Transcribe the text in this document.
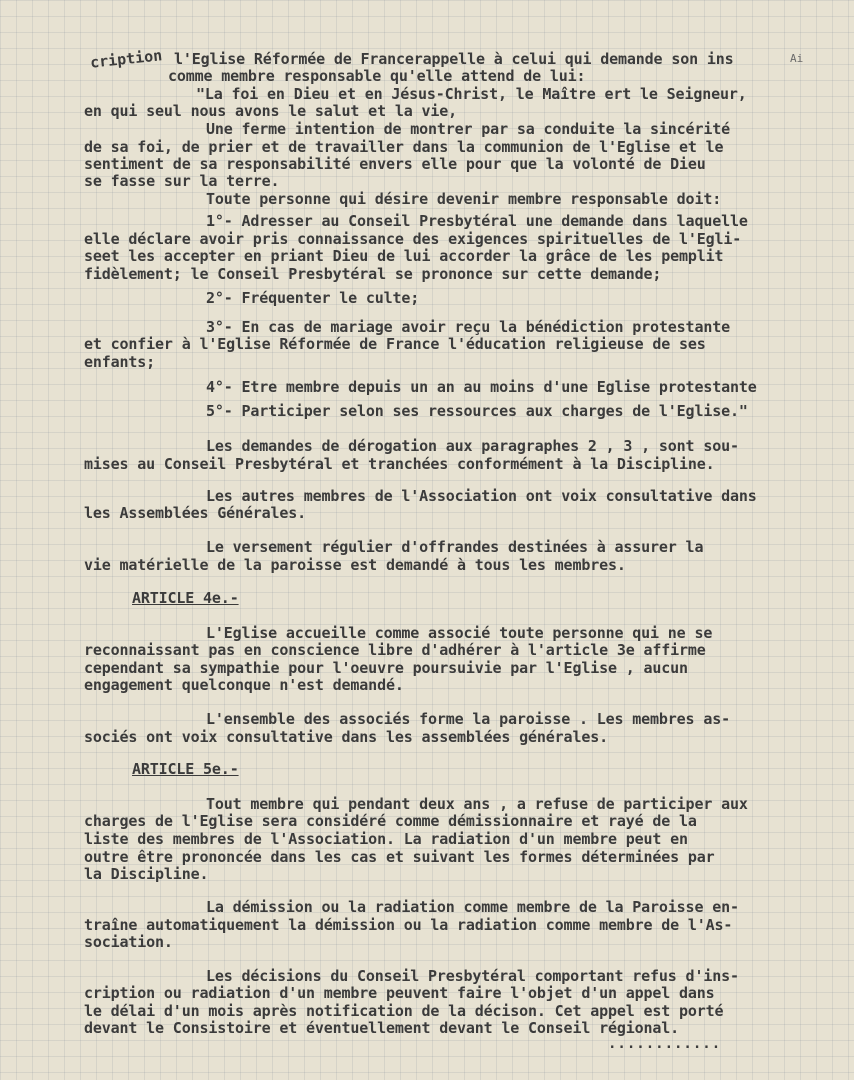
cription	Ai
l'Eglise Réformée de Francerappelle à celui qui demande son ins
comme membre responsable qu'elle attend de lui:
"La foi en Dieu et en Jésus-Christ, le Maître ert le Seigneur,
en qui seul nous avons le salut et la vie,
Une ferme intention de montrer par sa conduite la sincérité
de sa foi, de prier et de travailler dans la communion de l'Eglise et le
sentiment de sa responsabilité envers elle pour que la volonté de Dieu
se fasse sur la terre.
Toute personne qui désire devenir membre responsable doit:
1°- Adresser au Conseil Presbytéral une demande dans laquelle
elle déclare avoir pris connaissance des exigences spirituelles de l'Egli-
seet les accepter en priant Dieu de lui accorder la grâce de les pemplit
fidèlement; le Conseil Presbytéral se prononce sur cette demande;
2°- Fréquenter le culte;
3°- En cas de mariage avoir reçu la bénédiction protestante
et confier à l'Eglise Réformée de France l'éducation religieuse de ses
enfants;
4°- Etre membre depuis un an au moins d'une Eglise protestante
5°- Participer selon ses ressources aux charges de l'Eglise."
Les demandes de dérogation aux paragraphes 2 , 3 , sont sou-
mises au Conseil Presbytéral et tranchées conformément à la Discipline.
Les autres membres de l'Association ont voix consultative dans
les Assemblées Générales.
Le versement régulier d'offrandes destinées à assurer la
vie matérielle de la paroisse est demandé à tous les membres.
ARTICLE 4e.-
L'Eglise accueille comme associé toute personne qui ne se
reconnaissant pas en conscience libre d'adhérer à l'article 3e affirme
cependant sa sympathie pour l'oeuvre poursuivie par l'Eglise , aucun
engagement quelconque n'est demandé.
L'ensemble des associés forme la paroisse . Les membres as-
sociés ont voix consultative dans les assemblées générales.
ARTICLE 5e.-
Tout membre qui pendant deux ans , a refuse de participer aux
charges de l'Eglise sera considéré comme démissionnaire et rayé de la
liste des membres de l'Association. La radiation d'un membre peut en
outre être prononcée dans les cas et suivant les formes déterminées par
la Discipline.
La démission ou la radiation comme membre de la Paroisse en-
traîne automatiquement la démission ou la radiation comme membre de l'As-
sociation.
Les décisions du Conseil Presbytéral comportant refus d'ins-
cription ou radiation d'un membre peuvent faire l'objet d'un appel dans
le délai d'un mois après notification de la décison. Cet appel est porté
devant le Consistoire et éventuellement devant le Conseil régional.
............
